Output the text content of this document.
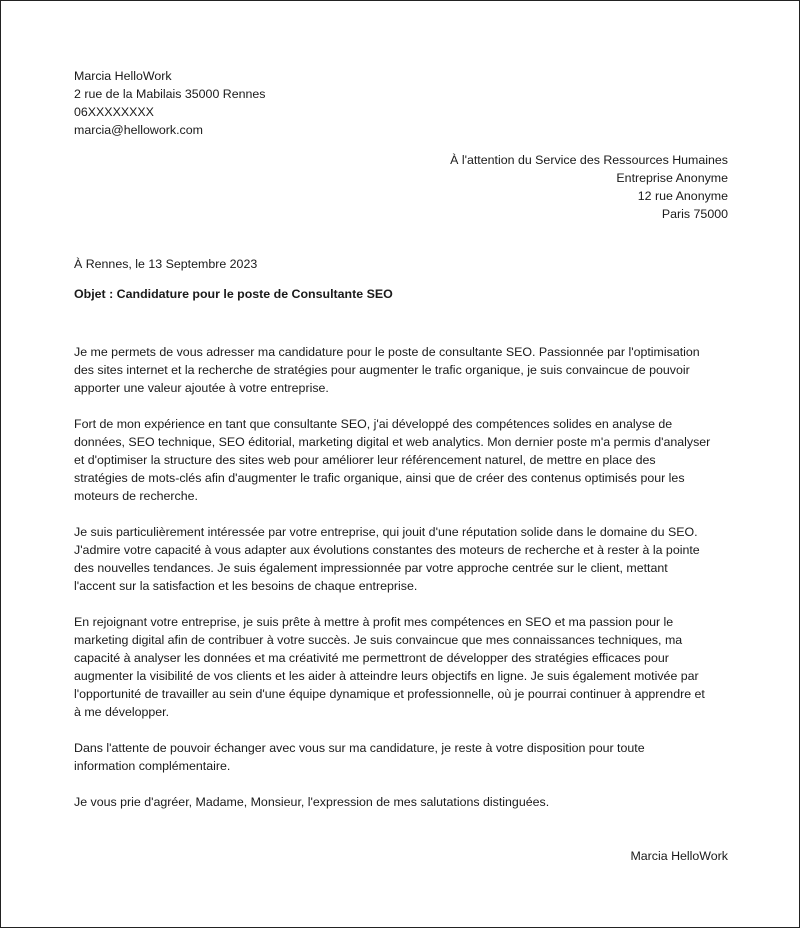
Marcia HelloWork
2 rue de la Mabilais 35000 Rennes
06XXXXXXXX
marcia@hellowork.com
À l'attention du Service des Ressources Humaines
Entreprise Anonyme
12 rue Anonyme
Paris 75000
À Rennes, le 13 Septembre 2023
Objet : Candidature pour le poste de Consultante SEO

Je me permets de vous adresser ma candidature pour le poste de consultante SEO. Passionnée par l'optimisation
des sites internet et la recherche de stratégies pour augmenter le trafic organique, je suis convaincue de pouvoir
apporter une valeur ajoutée à votre entreprise.

Fort de mon expérience en tant que consultante SEO, j'ai développé des compétences solides en analyse de
données, SEO technique, SEO éditorial, marketing digital et web analytics. Mon dernier poste m'a permis d'analyser
et d'optimiser la structure des sites web pour améliorer leur référencement naturel, de mettre en place des
stratégies de mots-clés afin d'augmenter le trafic organique, ainsi que de créer des contenus optimisés pour les
moteurs de recherche.

Je suis particulièrement intéressée par votre entreprise, qui jouit d'une réputation solide dans le domaine du SEO.
J'admire votre capacité à vous adapter aux évolutions constantes des moteurs de recherche et à rester à la pointe
des nouvelles tendances. Je suis également impressionnée par votre approche centrée sur le client, mettant
l'accent sur la satisfaction et les besoins de chaque entreprise.

En rejoignant votre entreprise, je suis prête à mettre à profit mes compétences en SEO et ma passion pour le
marketing digital afin de contribuer à votre succès. Je suis convaincue que mes connaissances techniques, ma
capacité à analyser les données et ma créativité me permettront de développer des stratégies efficaces pour
augmenter la visibilité de vos clients et les aider à atteindre leurs objectifs en ligne. Je suis également motivée par
l'opportunité de travailler au sein d'une équipe dynamique et professionnelle, où je pourrai continuer à apprendre et
à me développer.

Dans l'attente de pouvoir échanger avec vous sur ma candidature, je reste à votre disposition pour toute
information complémentaire.

Je vous prie d'agréer, Madame, Monsieur, l'expression de mes salutations distinguées.

Marcia HelloWork
